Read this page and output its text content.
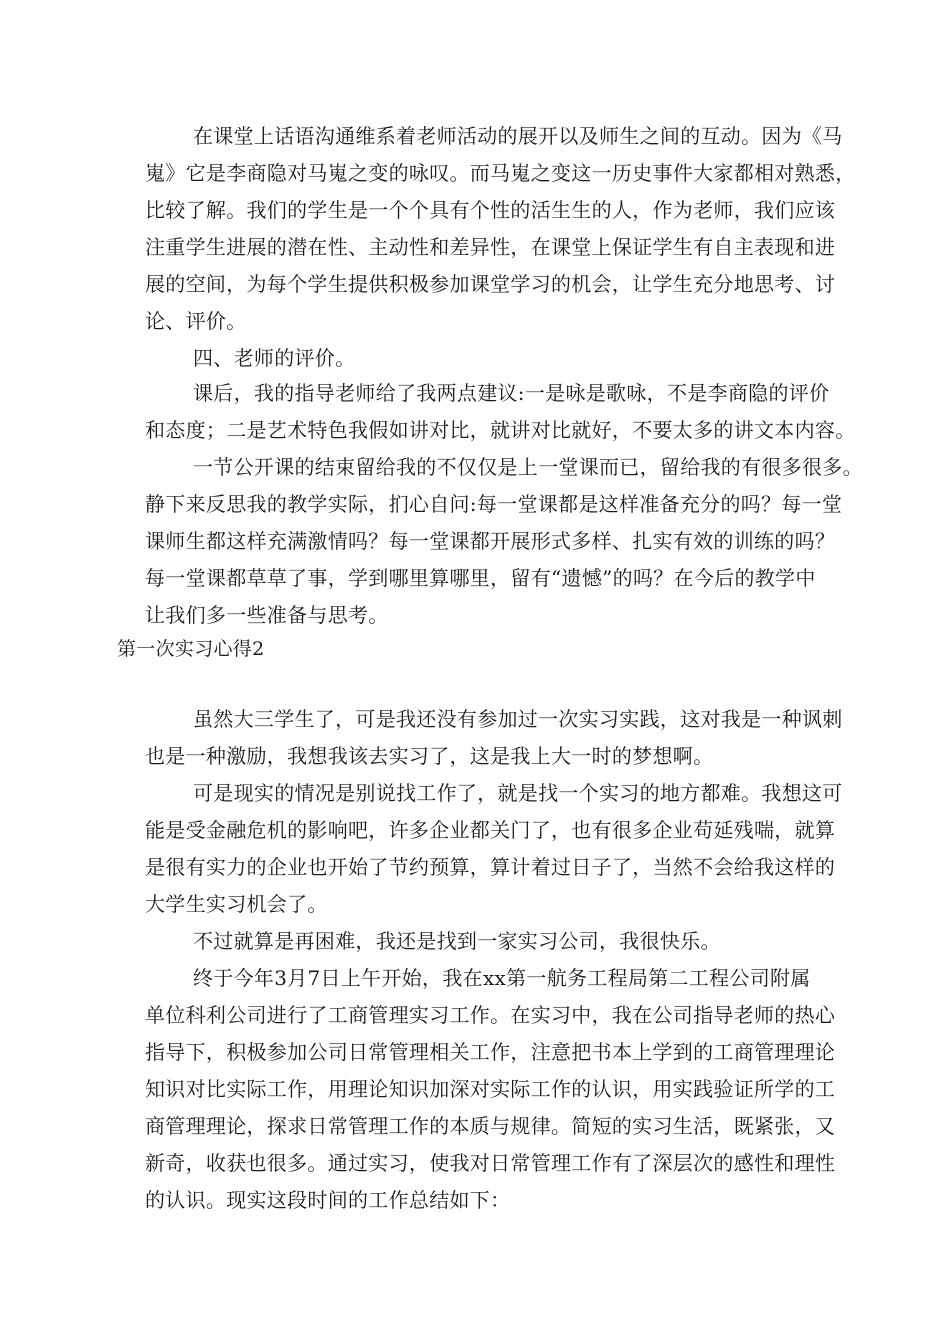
在课堂上话语沟通维系着老师活动的展开以及师生之间的互动。因为《马
嵬》它是李商隐对马嵬之变的咏叹。而马嵬之变这一历史事件大家都相对熟悉，
比较了解。我们的学生是一个个具有个性的活生生的人，作为老师，我们应该
注重学生进展的潜在性、主动性和差异性，在课堂上保证学生有自主表现和进
展的空间，为每个学生提供积极参加课堂学习的机会，让学生充分地思考、讨
论、评价。
四、老师的评价。
课后，我的指导老师给了我两点建议:一是咏是歌咏，不是李商隐的评价
和态度；二是艺术特色我假如讲对比，就讲对比就好，不要太多的讲文本内容。
一节公开课的结束留给我的不仅仅是上一堂课而已，留给我的有很多很多。
静下来反思我的教学实际，扪心自问:每一堂课都是这样准备充分的吗？每一堂
课师生都这样充满激情吗？每一堂课都开展形式多样、扎实有效的训练的吗？
每一堂课都草草了事，学到哪里算哪里，留有“遗憾”的吗？在今后的教学中
让我们多一些准备与思考。
第一次实习心得2
虽然大三学生了，可是我还没有参加过一次实习实践，这对我是一种讽刺
也是一种激励，我想我该去实习了，这是我上大一时的梦想啊。
可是现实的情况是别说找工作了，就是找一个实习的地方都难。我想这可
能是受金融危机的影响吧，许多企业都关门了，也有很多企业苟延残喘，就算
是很有实力的企业也开始了节约预算，算计着过日子了，当然不会给我这样的
大学生实习机会了。
不过就算是再困难，我还是找到一家实习公司，我很快乐。
终于今年3月7日上午开始，我在xx第一航务工程局第二工程公司附属
单位科利公司进行了工商管理实习工作。在实习中，我在公司指导老师的热心
指导下，积极参加公司日常管理相关工作，注意把书本上学到的工商管理理论
知识对比实际工作，用理论知识加深对实际工作的认识，用实践验证所学的工
商管理理论，探求日常管理工作的本质与规律。简短的实习生活，既紧张，又
新奇，收获也很多。通过实习，使我对日常管理工作有了深层次的感性和理性
的认识。现实这段时间的工作总结如下：
